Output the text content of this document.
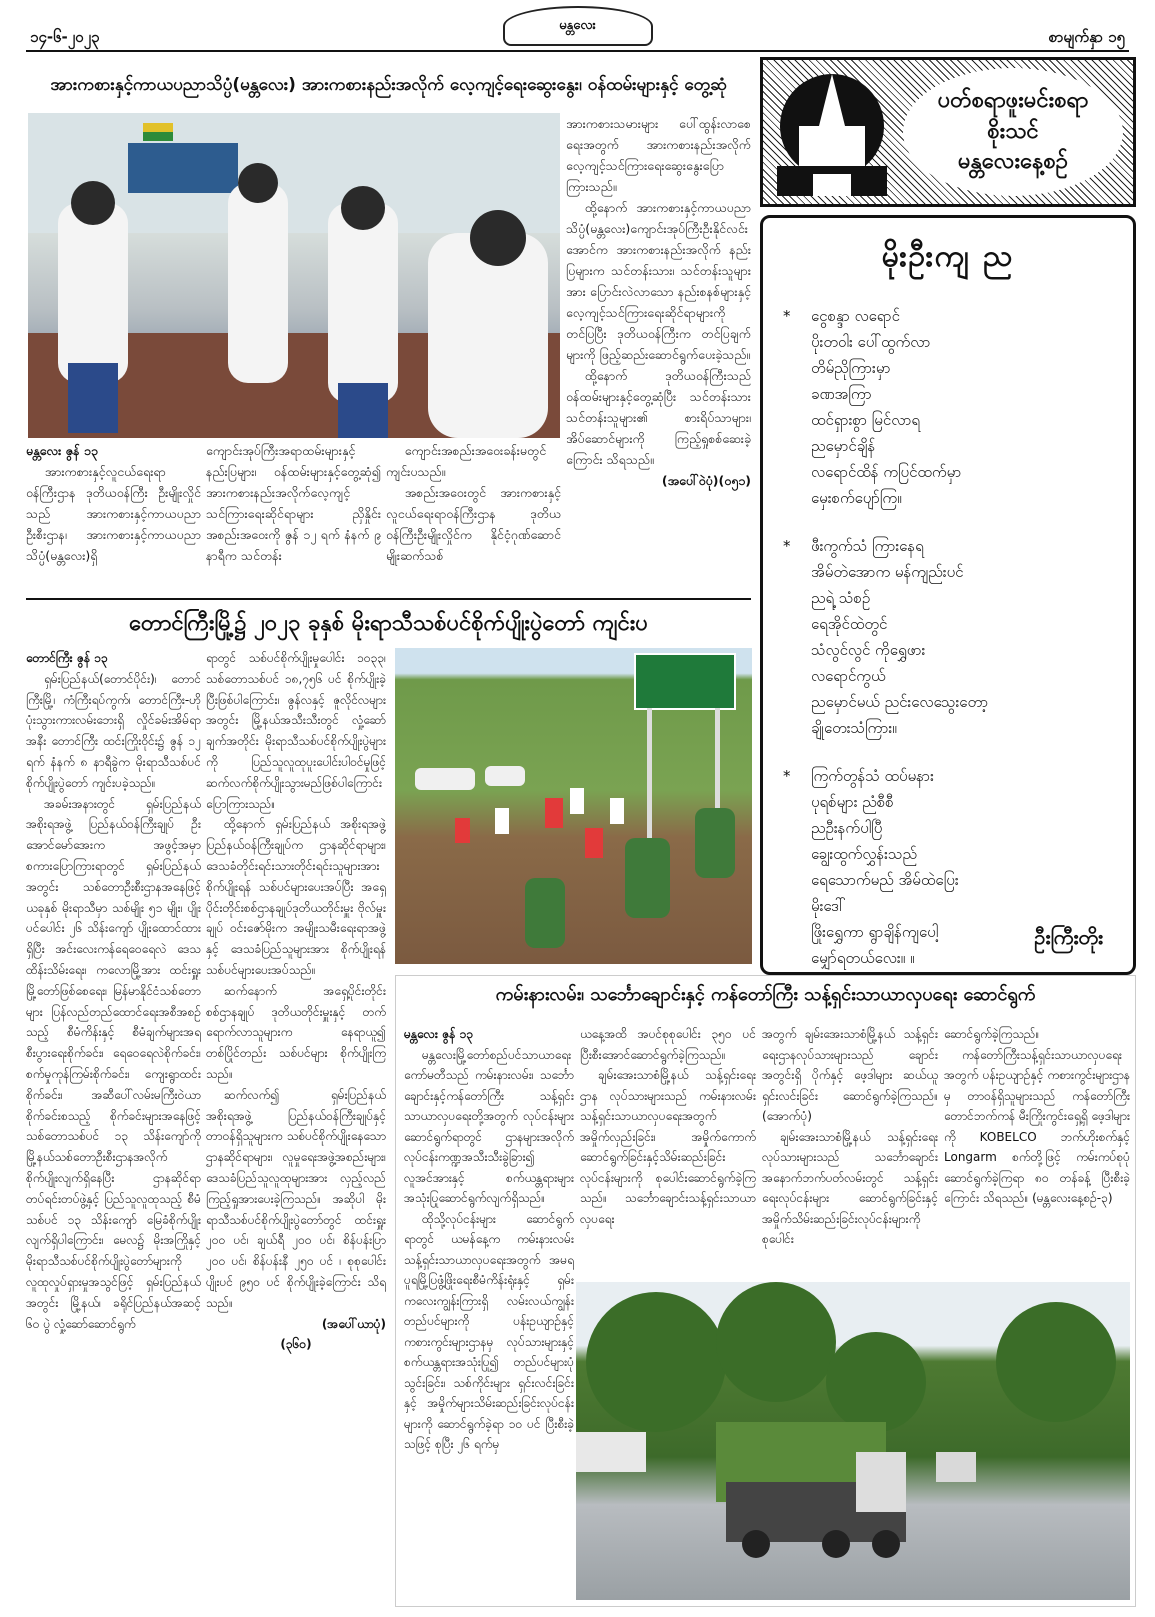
၁၄-၆-၂၀၂၃
မန္တလေး
စာမျက်နှာ ၁၅
အားကစားနှင့်ကာယပညာသိပ္ပံ(မန္တလေး) အားကစားနည်းအလိုက် လေ့ကျင့်ရေးဆွေးနွေး၊ ဝန်ထမ်းများနှင့် တွေ့ဆုံ

မန္တလေး ဇွန် ၁၃

အားကစားနှင့်လူငယ်ရေးရာ ဝန်ကြီးဌာန ဒုတိယဝန်ကြီး ဦးမျိုးလှိုင်သည် အားကစားနှင့်ကာယပညာဦးစီးဌာန၊ အားကစားနှင့်ကာယပညာသိပ္ပံ(မန္တလေး)ရှိ

ကျောင်းအုပ်ကြီးအရာထမ်းများနှင့် နည်းပြများ၊ ဝန်ထမ်းများနှင့်တွေ့ဆုံ၍ အားကစားနည်းအလိုက်လေ့ကျင့်သင်ကြားရေးဆိုင်ရာများ ညှိနှိုင်းအစည်းအဝေးကို ဇွန် ၁၂ ရက် နံနက် ၉ နာရီက သင်တန်း

ကျောင်းအစည်းအဝေးခန်းမတွင် ကျင်းပသည်။

အစည်းအဝေးတွင် အားကစားနှင့် လူငယ်ရေးရာဝန်ကြီးဌာန ဒုတိယဝန်ကြီးဦးမျိုးလှိုင်က နိုင်ငံ့ဂုဏ်ဆောင် မျိုးဆက်သစ်

အားကစားသမားများ ပေါ်ထွန်းလာစေရေးအတွက် အားကစားနည်းအလိုက် လေ့ကျင့်သင်ကြားရေးဆွေးနွေးပြောကြားသည်။

ထို့နောက် အားကစားနှင့်ကာယပညာသိပ္ပံ(မန္တလေး)ကျောင်းအုပ်ကြီးဦးနိုင်လင်းအောင်က အားကစားနည်းအလိုက် နည်းပြများက သင်တန်းသား၊ သင်တန်းသူများအား ပြောင်းလဲလာသော နည်းစနစ်များနှင့် လေ့ကျင့်သင်ကြားရေးဆိုင်ရာများကိုတင်ပြပြီး ဒုတိယဝန်ကြီးက တင်ပြချက်များကို ဖြည့်ဆည်းဆောင်ရွက်ပေးခဲ့သည်။

ထို့နောက် ဒုတိယဝန်ကြီးသည် ဝန်ထမ်းများနှင့်တွေ့ဆုံပြီး သင်တန်းသားသင်တန်းသူများ၏ စားရိပ်သာများ၊ အိပ်ဆောင်များကို ကြည့်ရှုစစ်ဆေးခဲ့ကြောင်း သိရသည်။

(အပေါ်ဝဲပုံ)(၀၅၁)

တောင်ကြီးမြို့၌ ၂၀၂၃ ခုနှစ် မိုးရာသီသစ်ပင်စိုက်ပျိုးပွဲတော် ကျင်းပ

တောင်ကြီး ဇွန် ၁၃

ရှမ်းပြည်နယ်(တောင်ပိုင်း)၊ တောင်ကြီးမြို့၊ ကံကြီးရပ်ကွက်၊ တောင်ကြီး-ဟိုပုံးသွားကားလမ်းဘေးရှိ လှိုင်ခမ်းအိမ်ရာအနီး တောင်ကြီး ထင်းကြိုးဝိုင်း၌ ဇွန် ၁၂ ရက် နံနက် ၈ နာရီခွဲက မိုးရာသီသစ်ပင်စိုက်ပျိုးပွဲတော် ကျင်းပခဲ့သည်။

အခမ်းအနားတွင် ရှမ်းပြည်နယ် အစိုးရအဖွဲ့ ပြည်နယ်ဝန်ကြီးချုပ် ဦးအောင်မော်အေးက အဖွင့်အမှာစကားပြောကြားရာတွင် ရှမ်းပြည်နယ်အတွင်း သစ်တောဦးစီးဌာနအနေဖြင့် ယခုနှစ် မိုးရာသီမှာ သစ်မျိုး ၅၁ မျိုး၊ ပျိုးပင်ပေါင်း ၂၆ သိန်းကျော် ပျိုးထောင်ထားရှိပြီး အင်းလေးကန်ရေဝေရေလဲ ဒေသထိန်းသိမ်းရေး၊ ကလောမြို့အား ထင်းရှူးမြို့တော်ဖြစ်စေရေး၊ မြန်မာနိုင်ငံသစ်တောများ ပြန်လည်တည်ထောင်ရေးအစီအစဉ်သည့် စီမံကိန်းနှင့် စီမံချက်များအရ စီးပွားရေးစိုက်ခင်း၊ ရေဝေရေလဲစိုက်ခင်း၊ စက်မှုကုန်ကြမ်းစိုက်ခင်း၊ ကျေးရွာထင်းစိုက်ခင်း၊ အဆီပေါ်လမ်းမကြီးဝဲယာ စိုက်ခင်းစသည့် စိုက်ခင်းများအနေဖြင့် သစ်တောသစ်ပင် ၁၃ သိန်းကျော်ကို မြို့နယ်သစ်တောဦးစီးဌာနအလိုက် စိုက်ပျိုးလျက်ရှိနေပြီး ဌာနဆိုင်ရာတပ်ရင်းတပ်ဖွဲ့နှင့် ပြည်သူလူထုသည့် စီမံ သစ်ပင် ၁၃ သိန်းကျော် မြေခံစိုက်ပျိုးလျက်ရှိပါကြောင်း၊ မေလ၌ မိုးအကြိုနှင့် မိုးရာသီသစ်ပင်စိုက်ပျိုးပွဲတော်များကို လူထုလှုပ်ရှားမှုအသွင်ဖြင့် ရှမ်းပြည်နယ်အတွင်း မြို့နယ်၊ ခရိုင်ပြည်နယ်အဆင့် ၆၀ ပွဲ လှုံ့ဆော်ဆောင်ရွက်

ရာတွင် သစ်ပင်စိုက်ပျိုးမှုပေါင်း ၁၀၃၃၊ သစ်တောသစ်ပင် ၁၈,၇၅၆ ပင် စိုက်ပျိုးခဲ့ပြီးဖြစ်ပါကြောင်း၊ ဇွန်လနှင့် ဇူလိုင်လများအတွင်း မြို့နယ်အသီးသီးတွင် လှုံ့ဆော်ချက်အတိုင်း မိုးရာသီသစ်ပင်စိုက်ပျိုးပွဲများကို ပြည်သူလူထုပူးပေါင်းပါဝင်မှုဖြင့် ဆက်လက်စိုက်ပျိုးသွားမည်ဖြစ်ပါကြောင်း ပြောကြားသည်။

ထို့နောက် ရှမ်းပြည်နယ် အစိုးရအဖွဲ့ ပြည်နယ်ဝန်ကြီးချုပ်က ဌာနဆိုင်ရာများ၊ ဒေသခံတိုင်းရင်းသားတိုင်းရင်းသူများအား စိုက်ပျိုးရန် သစ်ပင်များပေးအပ်ပြီး အရှေ့ပိုင်းတိုင်းစစ်ဌာနချုပ်ဒုတိယတိုင်းမှူး ဗိုလ်မှူးချုပ် ဝင်းဇော်မိုးက အမျိုးသမီးရေးရာအဖွဲ့နှင့် ဒေသခံပြည်သူများအား စိုက်ပျိုးရန်သစ်ပင်များပေးအပ်သည်။

ဆက်နောက် အရှေ့ပိုင်းတိုင်းစစ်ဌာနချုပ် ဒုတိယတိုင်းမှူးနှင့် တက်ရောက်လာသူများက နေရာယူ၍ တစ်ပြိုင်တည်း သစ်ပင်များ စိုက်ပျိုးကြသည်။

ဆက်လက်၍ ရှမ်းပြည်နယ် အစိုးရအဖွဲ့ ပြည်နယ်ဝန်ကြီးချုပ်နှင့် တာဝန်ရှိသူများက သစ်ပင်စိုက်ပျိုးနေသော ဌာနဆိုင်ရာများ၊ လူမှုရေးအဖွဲ့အစည်းများ၊ ဒေသခံပြည်သူလူထုများအား လှည့်လည်ကြည့်ရှုအားပေးခဲ့ကြသည်။ အဆိုပါ မိုးရာသီသစ်ပင်စိုက်ပျိုးပွဲတော်တွင် ထင်းရှူး ၂၀၀ ပင်၊ ချယ်ရီ ၂၀၀ ပင်၊ စိန်ပန်းပြာ ၂၀၀ ပင်၊ စိန်ပန်းနီ ၂၅၀ ပင် ၊ စုစုပေါင်း ပျိုးပင် ၉၅၀ ပင် စိုက်ပျိုးခဲ့ကြောင်း သိရသည်။

(အပေါ်ယာပုံ)

(၃၆၀)

ပတ်စရာဖူးမင်းစရာ
စိုးသင်
မန္တလေးနေ့စဉ်
မိုးဦးကျ ည
* ငွေစန္ဒာ လရောင်
ပိုးတဝါး ပေါ်ထွက်လာ
တိမ်ညိုကြားမှာ
ခဏအကြာ
ထင်ရှားစွာ မြင်လာရ
ညမှောင်ချိန်
လရောင်ထိန် ကပြင်ထက်မှာ
မှေးစက်ပျော်ကြ။
* ဖီးကွက်သံ ကြားနေရ
အိမ်တဲအောက မန်ကျည်းပင်
ညရဲ့ သံစဉ်
ရေအိုင်ထဲတွင်
သံလွင်လွင် ကိုရွှေဖား
လရောင်ကွယ်
ညမှောင်မယ် ညင်းလေသွေးတော့
ချိုတေးသံကြား။
* ကြက်တွန်သံ ထပ်မနား
ပုရစ်များ ညံစီစီ
ညဦးနက်ပါပြီ
ချွေးထွက်လွှန်းသည်
ရေသောက်မည် အိမ်ထဲပြေး
မိုးဒေါ်
ဖြိုးရွှေကာ ရွာချိန်ကျပေါ့
မျှော်ရတယ်လေး။ ။
ဦးကြီးတိုး
ကမ်းနားလမ်း၊ သင်္ဘောချောင်းနှင့် ကန်တော်ကြီး သန့်ရှင်းသာယာလှပရေး ဆောင်ရွက်

မန္တလေး ဇွန် ၁၃

မန္တလေးမြို့တော်စည်ပင်သာယာရေးကော်မတီသည် ကမ်းနားလမ်း၊ သင်္ဘောချောင်းနှင့်ကန်တော်ကြီး သန့်ရှင်းသာယာလှပရေးတို့အတွက် လုပ်ငန်းများဆောင်ရွက်ရာတွင် ဌာနများအလိုက် လုပ်ငန်းကဏ္ဍအသီးသီးခွဲခြား၍ လူအင်အားနှင့် စက်ယန္တရားများ အသုံးပြုဆောင်ရွက်လျက်ရှိသည်။

ထိုသို့လုပ်ငန်းများ ဆောင်ရွက်ရာတွင် ယမန်နေ့က ကမ်းနားလမ်းသန့်ရှင်းသာယာလှပရေးအတွက် အမရပူရမြို့ပြဖွံ့ဖြိုးရေးစီမံကိန်းရုံးနှင့် ရှမ်းကလေးကျွန်းကြားရှိ လမ်းလယ်ကျွန်းတည်ပင်များကို ပန်းဥယျာဉ်နှင့်ကစားကွင်းများဌာနမှ လုပ်သားများနှင့်စက်ယန္တရားအသုံးပြု၍ တည်ပင်များပုံသွင်းခြင်း၊ သစ်ကိုင်းများ ရှင်းလင်းခြင်းနှင့် အမှိုက်များသိမ်းဆည်းခြင်းလုပ်ငန်းများကို ဆောင်ရွက်ခဲ့ရာ ၁၀ ပင် ပြီးစီးခဲ့သဖြင့် စုပြီး ၂၆ ရက်မှ

ယနေ့အထိ အပင်စုစုပေါင်း ၃၅၀ ပင် ပြီးစီးအောင်ဆောင်ရွက်ခဲ့ကြသည်။

ချမ်းအေးသာစံမြို့နယ် သန့်ရှင်းရေးဌာန လုပ်သားများသည် ကမ်းနားလမ်းသန့်ရှင်းသာယာလှပရေးအတွက် အမှိုက်လှည်းခြင်း၊ အမှိုက်ကောက်ဆောင်ရွက်ခြင်းနှင့်သိမ်းဆည်းခြင်းလုပ်ငန်းများကို စုပေါင်းဆောင်ရွက်ခဲ့ကြသည်။ သင်္ဘောချောင်းသန့်ရှင်းသာယာလှပရေး

အတွက် ချမ်းအေးသာစံမြို့နယ် သန့်ရှင်းရေးဌာနလုပ်သားများသည် ချောင်းအတွင်းရှိ ပိုက်နှင့် ဖေ့ဒါများ ဆယ်ယူရှင်းလင်းခြင်း ဆောင်ရွက်ခဲ့ကြသည်။(အောက်ပုံ)

ချမ်းအေးသာစံမြို့နယ် သန့်ရှင်းရေးလုပ်သားများသည် သင်္ဘောချောင်းအနောက်ဘက်ပတ်လမ်းတွင် သန့်ရှင်းရေးလုပ်ငန်းများ ဆောင်ရွက်ခြင်းနှင့် အမှိုက်သိမ်းဆည်းခြင်းလုပ်ငန်းများကို စုပေါင်း

ဆောင်ရွက်ခဲ့ကြသည်။

ကန်တော်ကြီးသန့်ရှင်းသာယာလှပရေးအတွက် ပန်းဥယျာဉ်နှင့် ကစားကွင်းများဌာနမှ တာဝန်ရှိသူများသည် ကန်တော်ကြီးတောင်ဘက်ကန် မီးကြိုးကွင်းရှေ့ရှိ ဖေ့ဒါများကို KOBELCO ဘက်ဟိုးစက်နှင့် Longarm စက်တို့ဖြင့် ကမ်းကပ်စုပုံ ဆောင်ရွက်ခဲ့ကြရာ ၈၀ တန်ခန့် ပြီးစီးခဲ့ကြောင်း သိရသည်။ (မန္တလေးနေ့စဉ်-၃)
